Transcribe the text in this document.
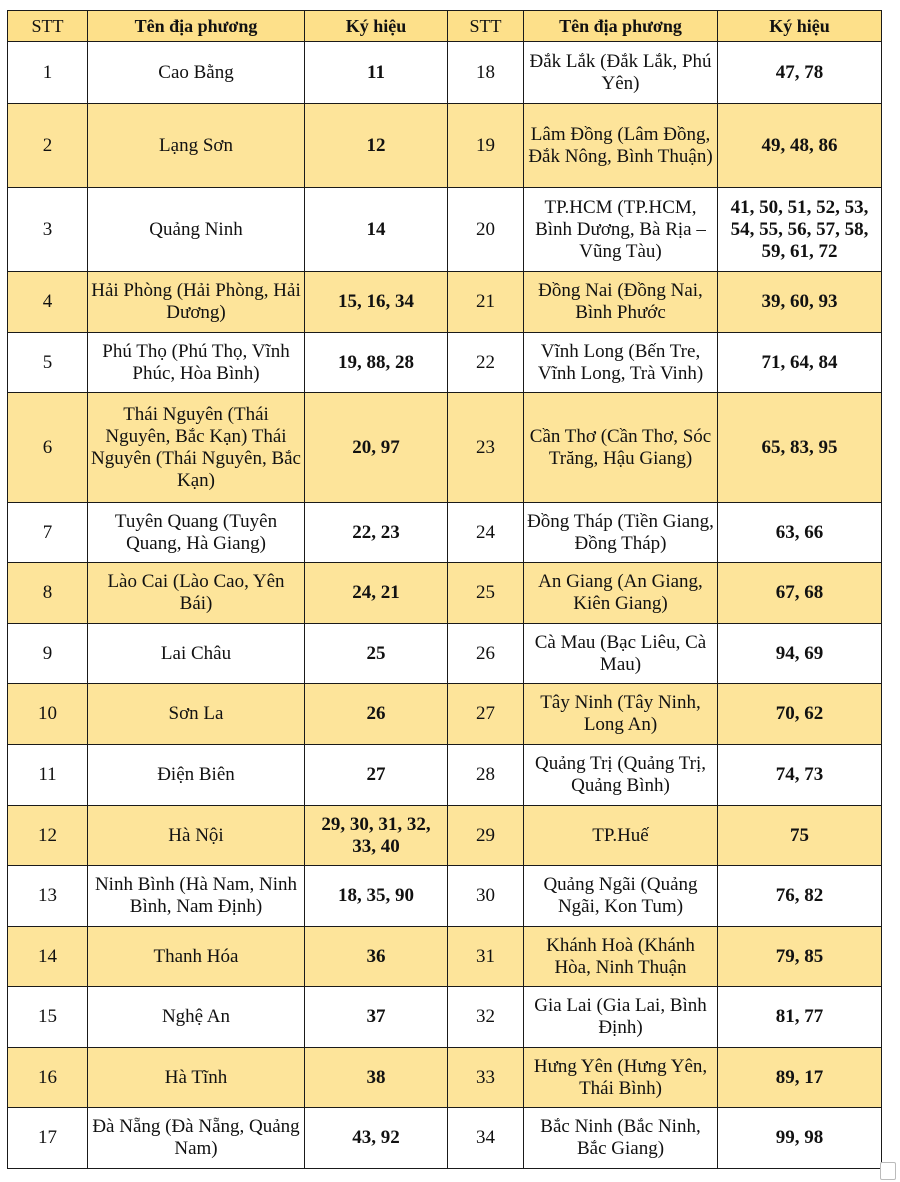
STT	Tên địa phương	Ký hiệu	STT	Tên địa phương	Ký hiệu
1	Cao Bằng	11	18	Đắk Lắk (Đắk Lắk, Phú Yên)	47, 78
2	Lạng Sơn	12	19	Lâm Đồng (Lâm Đồng, Đắk Nông, Bình Thuận)	49, 48, 86
3	Quảng Ninh	14	20	TP.HCM (TP.HCM, Bình Dương, Bà Rịa – Vũng Tàu)	41, 50, 51, 52, 53, 54, 55, 56, 57, 58, 59, 61, 72
4	Hải Phòng (Hải Phòng, Hải Dương)	15, 16, 34	21	Đồng Nai (Đồng Nai, Bình Phước	39, 60, 93
5	Phú Thọ (Phú Thọ, Vĩnh Phúc, Hòa Bình)	19, 88, 28	22	Vĩnh Long (Bến Tre, Vĩnh Long, Trà Vinh)	71, 64, 84
6	Thái Nguyên (Thái Nguyên, Bắc Kạn) Thái Nguyên (Thái Nguyên, Bắc Kạn)	20, 97	23	Cần Thơ (Cần Thơ, Sóc Trăng, Hậu Giang)	65, 83, 95
7	Tuyên Quang (Tuyên Quang, Hà Giang)	22, 23	24	Đồng Tháp (Tiền Giang, Đồng Tháp)	63, 66
8	Lào Cai (Lào Cao, Yên Bái)	24, 21	25	An Giang (An Giang, Kiên Giang)	67, 68
9	Lai Châu	25	26	Cà Mau (Bạc Liêu, Cà Mau)	94, 69
10	Sơn La	26	27	Tây Ninh (Tây Ninh, Long An)	70, 62
11	Điện Biên	27	28	Quảng Trị (Quảng Trị, Quảng Bình)	74, 73
12	Hà Nội	29, 30, 31, 32, 33, 40	29	TP.Huế	75
13	Ninh Bình (Hà Nam, Ninh Bình, Nam Định)	18, 35, 90	30	Quảng Ngãi (Quảng Ngãi, Kon Tum)	76, 82
14	Thanh Hóa	36	31	Khánh Hoà (Khánh Hòa, Ninh Thuận	79, 85
15	Nghệ An	37	32	Gia Lai (Gia Lai, Bình Định)	81, 77
16	Hà Tĩnh	38	33	Hưng Yên (Hưng Yên, Thái Bình)	89, 17
17	Đà Nẵng (Đà Nẵng, Quảng Nam)	43, 92	34	Bắc Ninh (Bắc Ninh, Bắc Giang)	99, 98
